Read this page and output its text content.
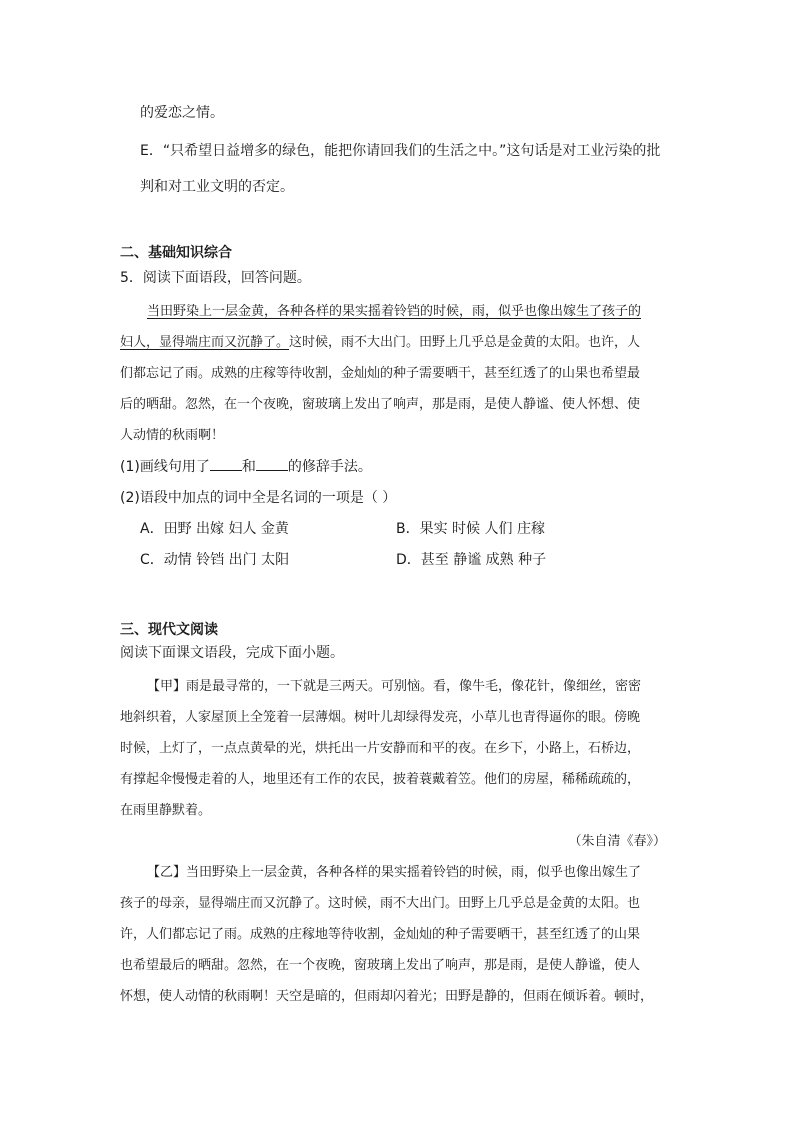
的爱恋之情。
E．“只希望日益增多的绿色，能把你请回我们的生活之中。”这句话是对工业污染的批
判和对工业文明的否定。
二、基础知识综合
5．阅读下面语段，回答问题。
当田野染上一层金黄，各种各样的果实摇着铃铛的时候，雨，似乎也像出嫁生了孩子的
妇人，显得端庄而又沉静了。这时候，雨不大出门。田野上几乎总是金黄的太阳。也许，人
们都忘记了雨。成熟的庄稼等待收割，金灿灿的种子需要晒干，甚至红透了的山果也希望最
后的晒甜。忽然，在一个夜晚，窗玻璃上发出了响声，那是雨，是使人静谧、使人怀想、使
人动情的秋雨啊！
(1)画线句用了 和 的修辞手法。
(2)语段中加点的词中全是名词的一项是（ ）
A．田野 出嫁 妇人 金黄	B．果实 时候 人们 庄稼
C．动情 铃铛 出门 太阳	D．甚至 静谧 成熟 种子
三、现代文阅读
阅读下面课文语段，完成下面小题。
【甲】雨是最寻常的，一下就是三两天。可别恼。看，像牛毛，像花针，像细丝，密密
地斜织着，人家屋顶上全笼着一层薄烟。树叶儿却绿得发亮，小草儿也青得逼你的眼。傍晚
时候，上灯了，一点点黄晕的光，烘托出一片安静而和平的夜。在乡下，小路上，石桥边，
有撑起伞慢慢走着的人，地里还有工作的农民，披着蓑戴着笠。他们的房屋，稀稀疏疏的，
在雨里静默着。
（朱自清《春》）
【乙】当田野染上一层金黄，各种各样的果实摇着铃铛的时候，雨，似乎也像出嫁生了
孩子的母亲，显得端庄而又沉静了。这时候，雨不大出门。田野上几乎总是金黄的太阳。也
许，人们都忘记了雨。成熟的庄稼地等待收割，金灿灿的种子需要晒干，甚至红透了的山果
也希望最后的晒甜。忽然，在一个夜晚，窗玻璃上发出了响声，那是雨，是使人静谧，使人
怀想，使人动情的秋雨啊！天空是暗的，但雨却闪着光；田野是静的，但雨在倾诉着。顿时，
